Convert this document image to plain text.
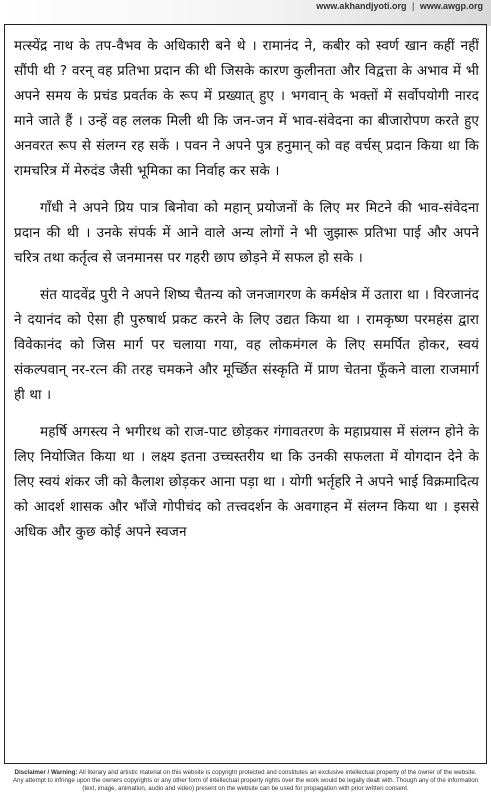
www.akhandjyoti.org | www.awgp.org

मत्स्येंद्र नाथ के तप-वैभव के अधिकारी बने थे । रामानंद ने, कबीर को स्वर्ण खान कहीं नहीं सौंपी थी ? वरन् वह प्रतिभा प्रदान की थी जिसके कारण कुलीनता और विद्वत्ता के अभाव में भी अपने समय के प्रचंड प्रवर्तक के रूप में प्रख्यात् हुए । भगवान् के भक्तों में सर्वोपयोगी नारद माने जाते हैं । उन्हें वह ललक मिली थी कि जन-जन में भाव-संवेदना का बीजारोपण करते हुए अनवरत रूप से संलग्न रह सकें । पवन ने अपने पुत्र हनुमान् को वह वर्चस् प्रदान किया था कि रामचरित्र में मेरुदंड जैसी भूमिका का निर्वाह कर सके ।

गाँधी ने अपने प्रिय पात्र बिनोवा को महान् प्रयोजनों के लिए मर मिटने की भाव-संवेदना प्रदान की थी । उनके संपर्क में आने वाले अन्य लोगों ने भी जुझारू प्रतिभा पाई और अपने चरित्र तथा कर्तृत्व से जनमानस पर गहरी छाप छोड़ने में सफल हो सके ।

संत यादवेंद्र पुरी ने अपने शिष्य चैतन्य को जनजागरण के कर्मक्षेत्र में उतारा था । विरजानंद ने दयानंद को ऐसा ही पुरुषार्थ प्रकट करने के लिए उद्यत किया था । रामकृष्ण परमहंस द्वारा विवेकानंद को जिस मार्ग पर चलाया गया, वह लोकमंगल के लिए समर्पित होकर, स्वयं संकल्पवान् नर-रत्न की तरह चमकने और मूर्च्छित संस्कृति में प्राण चेतना फूँकने वाला राजमार्ग ही था ।

महर्षि अगस्त्य ने भगीरथ को राज-पाट छोड़कर गंगावतरण के महाप्रयास में संलग्न होने के लिए नियोजित किया था । लक्ष्य इतना उच्चस्तरीय था कि उनकी सफलता में योगदान देने के लिए स्वयं शंकर जी को कैलाश छोड़कर आना पड़ा था । योगी भर्तृहरि ने अपने भाई विक्रमादित्य को आदर्श शासक और भाँजे गोपीचंद को तत्त्वदर्शन के अवगाहन में संलग्न किया था । इससे अधिक और कुछ कोई अपने स्वजन

Disclaimer / Warning: All literary and artistic material on this website is copyright protected and constitutes an exclusive intellectual property of the owner of the website. Any attempt to infringe upon the owners copyrights or any other form of intellectual property rights over the work would be legally dealt with. Though any of the information (text, image, animation, audio and video) present on the website can be used for propagation with prior written consent.
